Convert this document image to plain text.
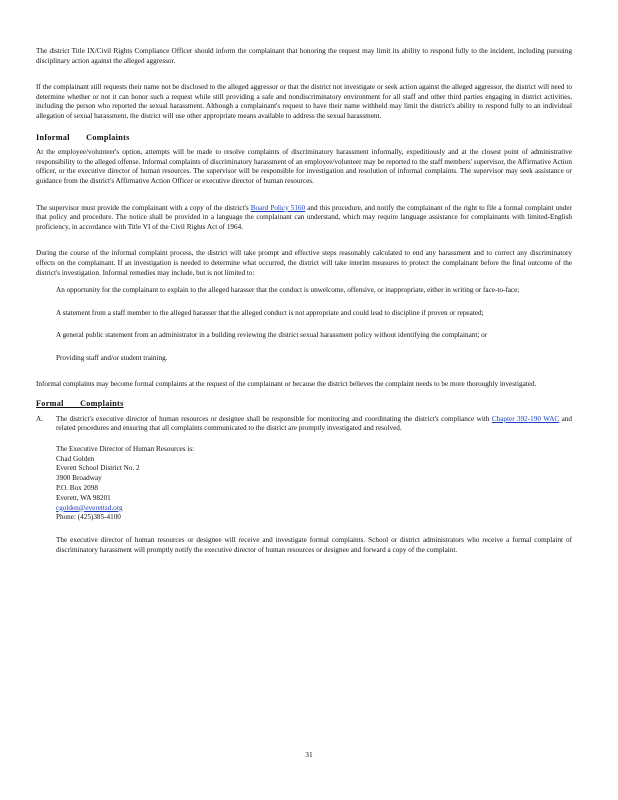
The district Title IX/Civil Rights Compliance Officer should inform the complainant that honoring the request may limit its ability to respond fully to the incident, including pursuing disciplinary action against the alleged aggressor.

If the complainant still requests their name not be disclosed to the alleged aggressor or that the district not investigate or seek action against the alleged aggressor, the district will need to determine whether or not it can honor such a request while still providing a safe and nondiscriminatory environment for all staff and other third parties engaging in district activities, including the person who reported the sexual harassment. Although a complainant's request to have their name withheld may limit the district's ability to respond fully to an individual allegation of sexual harassment, the district will use other appropriate means available to address the sexual harassment.

Informal Complaints

At the employee/volunteer's option, attempts will be made to resolve complaints of discriminatory harassment informally, expeditiously and at the closest point of administrative responsibility to the alleged offense. Informal complaints of discriminatory harassment of an employee/volunteer may be reported to the staff members' supervisor, the Affirmative Action officer, or the executive director of human resources. The supervisor will be responsible for investigation and resolution of informal complaints. The supervisor may seek assistance or guidance from the district's Affirmative Action Officer or executive director of human resources.

The supervisor must provide the complainant with a copy of the district's Board Policy 5160 and this procedure, and notify the complainant of the right to file a formal complaint under that policy and procedure. The notice shall be provided in a language the complainant can understand, which may require language assistance for complainants with limited-English proficiency, in accordance with Title VI of the Civil Rights Act of 1964.

During the course of the informal complaint process, the district will take prompt and effective steps reasonably calculated to end any harassment and to correct any discriminatory effects on the complainant. If an investigation is needed to determine what occurred, the district will take interim measures to protect the complainant before the final outcome of the district's investigation. Informal remedies may include, but is not limited to:

An opportunity for the complainant to explain to the alleged harasser that the conduct is unwelcome, offensive, or inappropriate, either in writing or face-to-face;

A statement from a staff member to the alleged harasser that the alleged conduct is not appropriate and could lead to discipline if proven or repeated;

A general public statement from an administrator in a building reviewing the district sexual harassment policy without identifying the complainant; or

Providing staff and/or student training.

Informal complaints may become formal complaints at the request of the complainant or because the district believes the complaint needs to be more thoroughly investigated.

Formal Complaints
A.	The district's executive director of human resources or designee shall be responsible for monitoring and coordinating the district's compliance with Chapter 392-190 WAC and related procedures and ensuring that all complaints communicated to the district are promptly investigated and resolved.

The Executive Director of Human Resources is:
Chad Golden
Everett School District No. 2
3900 Broadway
P.O. Box 2098
Everett, WA 98201
cgolden@everettsd.org
Phone: (425)385-4100

The executive director of human resources or designee will receive and investigate formal complaints. School or district administrators who receive a formal complaint of discriminatory harassment will promptly notify the executive director of human resources or designee and forward a copy of the complaint.

31
